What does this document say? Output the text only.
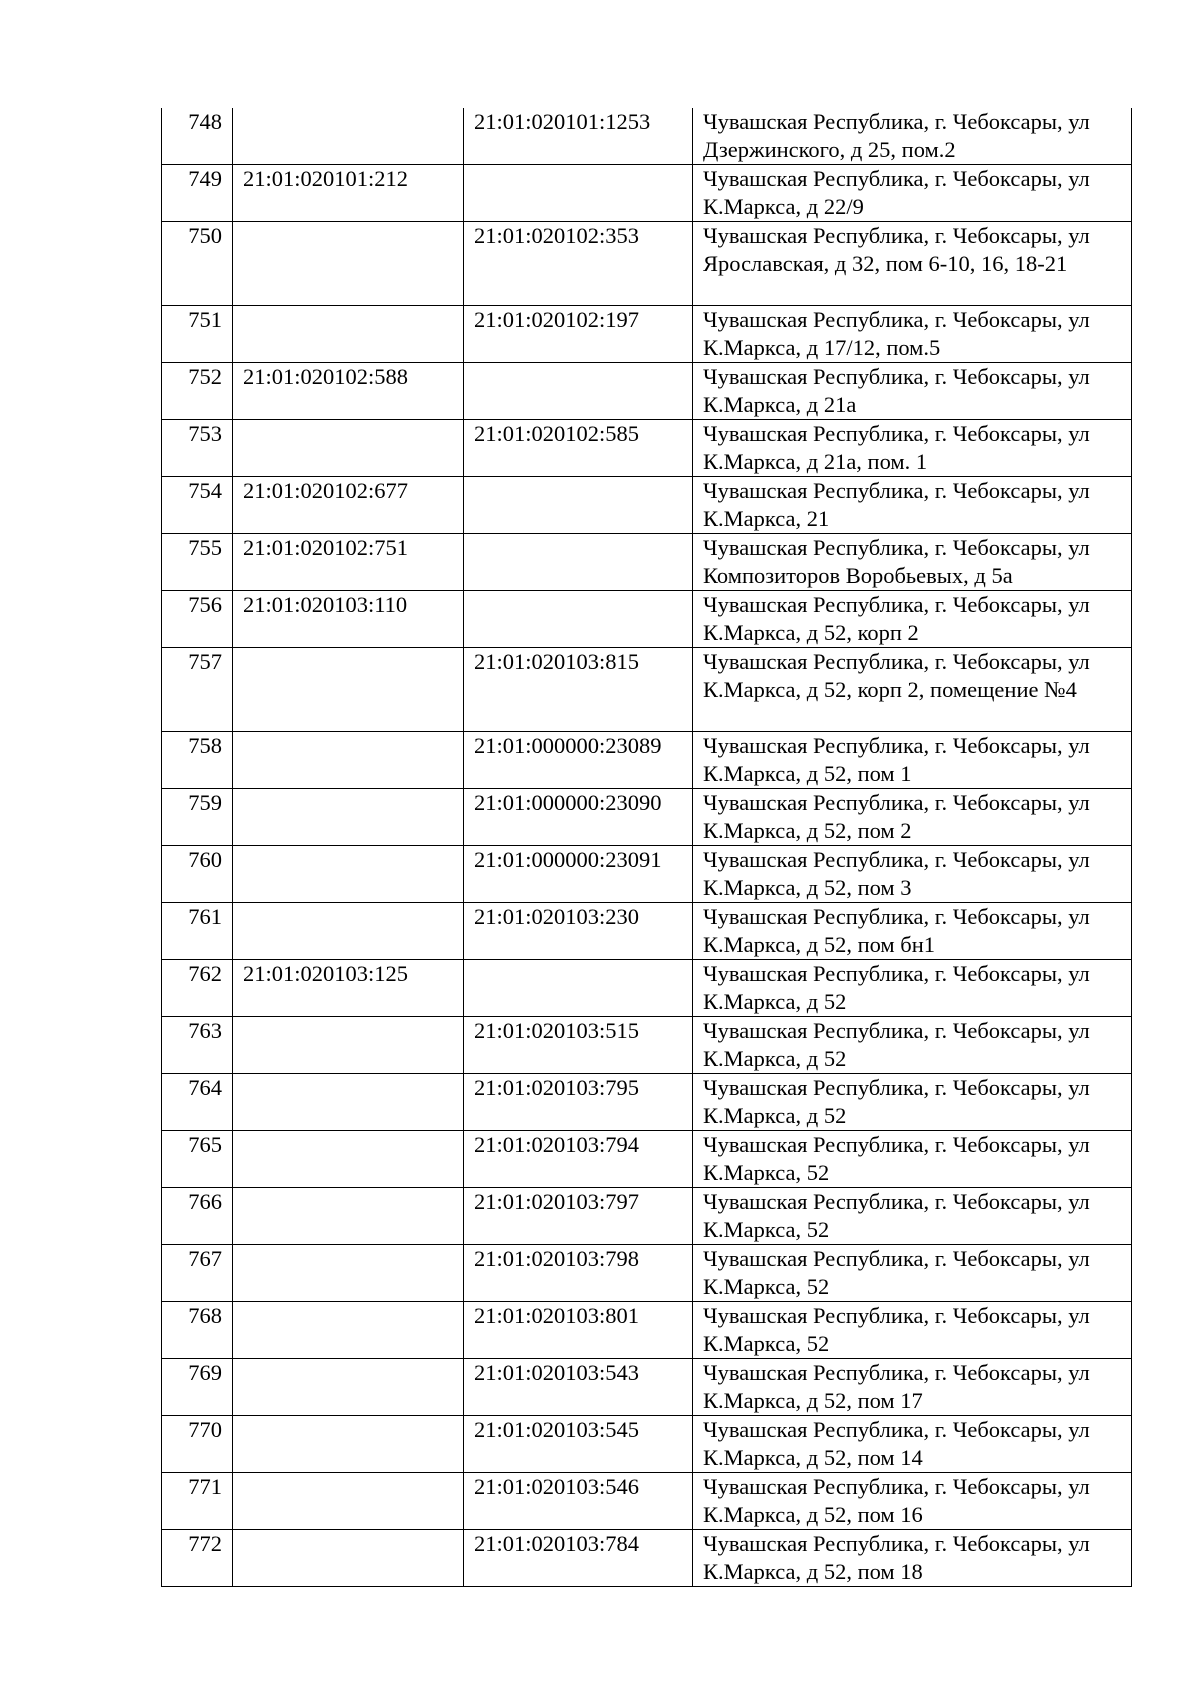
748		21:01:020101:1253	Чувашская Республика, г. Чебоксары, ул Дзержинского, д 25, пом.2
749	21:01:020101:212		Чувашская Республика, г. Чебоксары, ул К.Маркса, д 22/9
750		21:01:020102:353	Чувашская Республика, г. Чебоксары, ул Ярославская, д 32, пом 6-10, 16, 18-21
751		21:01:020102:197	Чувашская Республика, г. Чебоксары, ул К.Маркса, д 17/12, пом.5
752	21:01:020102:588		Чувашская Республика, г. Чебоксары, ул К.Маркса, д 21а
753		21:01:020102:585	Чувашская Республика, г. Чебоксары, ул К.Маркса, д 21а, пом. 1
754	21:01:020102:677		Чувашская Республика, г. Чебоксары, ул К.Маркса, 21
755	21:01:020102:751		Чувашская Республика, г. Чебоксары, ул Композиторов Воробьевых, д 5а
756	21:01:020103:110		Чувашская Республика, г. Чебоксары, ул К.Маркса, д 52, корп 2
757		21:01:020103:815	Чувашская Республика, г. Чебоксары, ул К.Маркса, д 52, корп 2, помещение №4
758		21:01:000000:23089	Чувашская Республика, г. Чебоксары, ул К.Маркса, д 52, пом 1
759		21:01:000000:23090	Чувашская Республика, г. Чебоксары, ул К.Маркса, д 52, пом 2
760		21:01:000000:23091	Чувашская Республика, г. Чебоксары, ул К.Маркса, д 52, пом 3
761		21:01:020103:230	Чувашская Республика, г. Чебоксары, ул К.Маркса, д 52, пом бн1
762	21:01:020103:125		Чувашская Республика, г. Чебоксары, ул К.Маркса, д 52
763		21:01:020103:515	Чувашская Республика, г. Чебоксары, ул К.Маркса, д 52
764		21:01:020103:795	Чувашская Республика, г. Чебоксары, ул К.Маркса, д 52
765		21:01:020103:794	Чувашская Республика, г. Чебоксары, ул К.Маркса, 52
766		21:01:020103:797	Чувашская Республика, г. Чебоксары, ул К.Маркса, 52
767		21:01:020103:798	Чувашская Республика, г. Чебоксары, ул К.Маркса, 52
768		21:01:020103:801	Чувашская Республика, г. Чебоксары, ул К.Маркса, 52
769		21:01:020103:543	Чувашская Республика, г. Чебоксары, ул К.Маркса, д 52, пом 17
770		21:01:020103:545	Чувашская Республика, г. Чебоксары, ул К.Маркса, д 52, пом 14
771		21:01:020103:546	Чувашская Республика, г. Чебоксары, ул К.Маркса, д 52, пом 16
772		21:01:020103:784	Чувашская Республика, г. Чебоксары, ул К.Маркса, д 52, пом 18
